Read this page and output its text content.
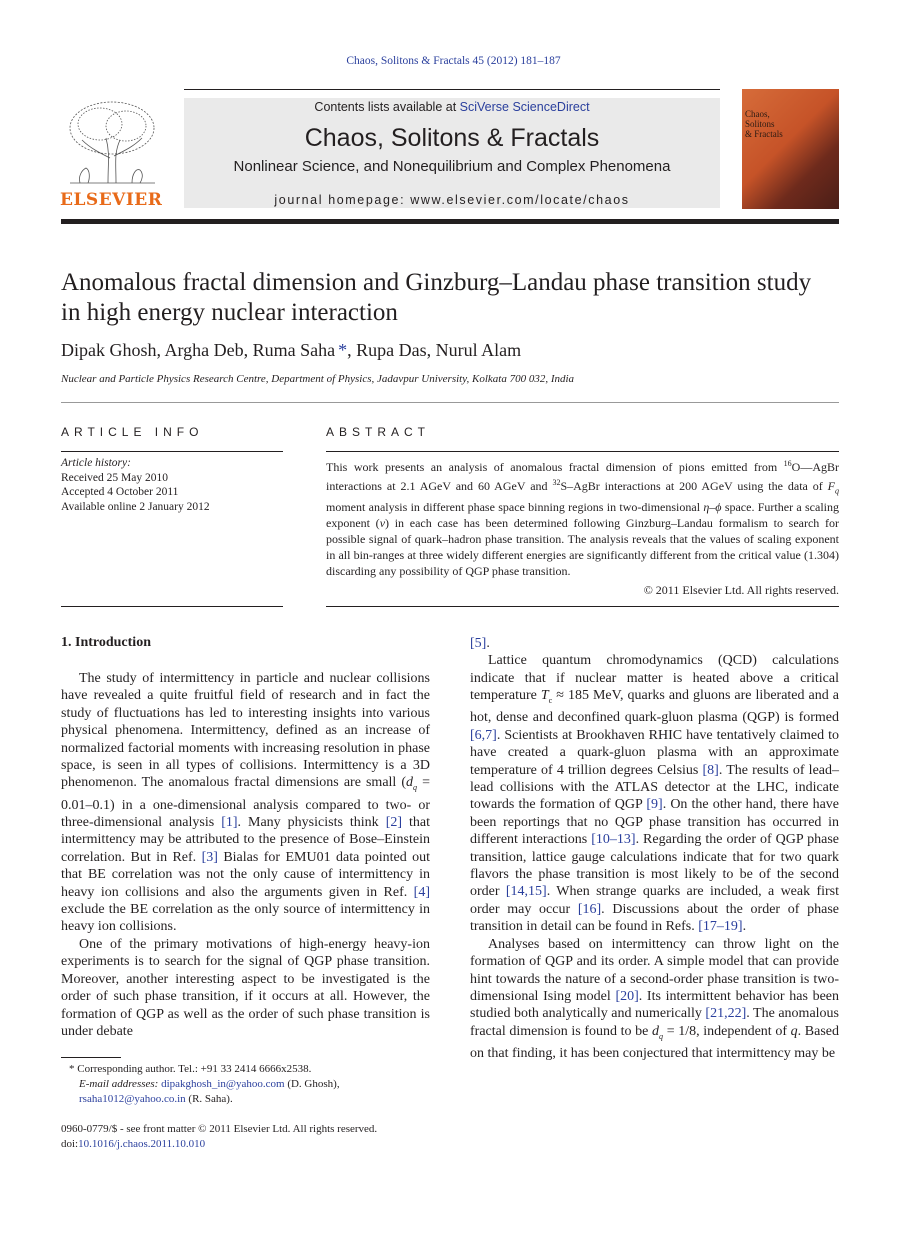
Chaos, Solitons & Fractals 45 (2012) 181–187
ELSEVIER
Contents lists available at SciVerse ScienceDirect
Chaos, Solitons & Fractals
Nonlinear Science, and Nonequilibrium and Complex Phenomena
journal homepage: www.elsevier.com/locate/chaos
Chaos,
Solitons
& Fractals
Anomalous fractal dimension and Ginzburg–Landau phase transition study
in high energy nuclear interaction
Dipak Ghosh, Argha Deb, Ruma Saha *, Rupa Das, Nurul Alam
Nuclear and Particle Physics Research Centre, Department of Physics, Jadavpur University, Kolkata 700 032, India
ARTICLE INFO	ABSTRACT
Article history:
Received 25 May 2010
Accepted 4 October 2011
Available online 2 January 2012
This work presents an analysis of anomalous fractal dimension of pions emitted from $^{16}$O—AgBr interactions at 2.1 AGeV and 60 AGeV and $^{32}$S–AgBr interactions at 200 AGeV using the data of $F_q$ moment analysis in different phase space binning regions in two-dimensional η–ϕ space. Further a scaling exponent (ν) in each case has been determined following Ginzburg–Landau formalism to search for possible signal of quark–hadron phase transition. The analysis reveals that the values of scaling exponent in all bin-ranges at three widely different energies are significantly different from the critical value (1.304) discarding any possibility of QGP phase transition.
© 2011 Elsevier Ltd. All rights reserved.
1. Introduction

The study of intermittency in particle and nuclear collisions have revealed a quite fruitful field of research and in fact the study of fluctuations has led to interesting insights into various physical phenomena. Intermittency, defined as an increase of normalized factorial moments with increasing resolution in phase space, is seen in all types of collisions. Intermittency is a 3D phenomenon. The anomalous fractal dimensions are small $(d_q = 0.01-0.1)$ in a one-dimensional analysis compared to two- or three-dimensional analysis [1]. Many physicists think [2] that intermittency may be attributed to the presence of Bose–Einstein correlation. But in Ref. [3] Bialas for EMU01 data pointed out that BE correlation was not the only cause of intermittency in heavy ion collisions and also the arguments given in Ref. [4] exclude the BE correlation as the only source of intermittency in heavy ion collisions.

One of the primary motivations of high-energy heavy-ion experiments is to search for the signal of QGP phase transition. Moreover, another interesting aspect to be investigated is the order of such phase transition, if it occurs at all. However, the formation of QGP as well as the order of such phase transition is under debate

[5].

Lattice quantum chromodynamics (QCD) calculations indicate that if nuclear matter is heated above a critical temperature $T_c \approx 185$ MeV, quarks and gluons are liberated and a hot, dense and deconfined quark-gluon plasma (QGP) is formed [6,7]. Scientists at Brookhaven RHIC have tentatively claimed to have created a quark-gluon plasma with an approximate temperature of 4 trillion degrees Celsius [8]. The results of lead–lead collisions with the ATLAS detector at the LHC, indicate towards the formation of QGP [9]. On the other hand, there have been reportings that no QGP phase transition has occurred in different interactions [10–13]. Regarding the order of QGP phase transition, lattice gauge calculations indicate that for two quark flavors the phase transition is most likely to be of the second order [14,15]. When strange quarks are included, a weak first order may occur [16]. Discussions about the order of phase transition in detail can be found in Refs. [17–19].

Analyses based on intermittency can throw light on the formation of QGP and its order. A simple model that can provide hint towards the nature of a second-order phase transition is two-dimensional Ising model [20]. Its intermittent behavior has been studied both analytically and numerically [21,22]. The anomalous fractal dimension is found to be $d_q = 1/8$, independent of q. Based on that finding, it has been conjectured that intermittency may be

* Corresponding author. Tel.: +91 33 2414 6666x2538.
E-mail addresses: dipakghosh_in@yahoo.com (D. Ghosh), rsaha1012@yahoo.co.in (R. Saha).
0960-0779/$ - see front matter © 2011 Elsevier Ltd. All rights reserved.
doi:10.1016/j.chaos.2011.10.010
